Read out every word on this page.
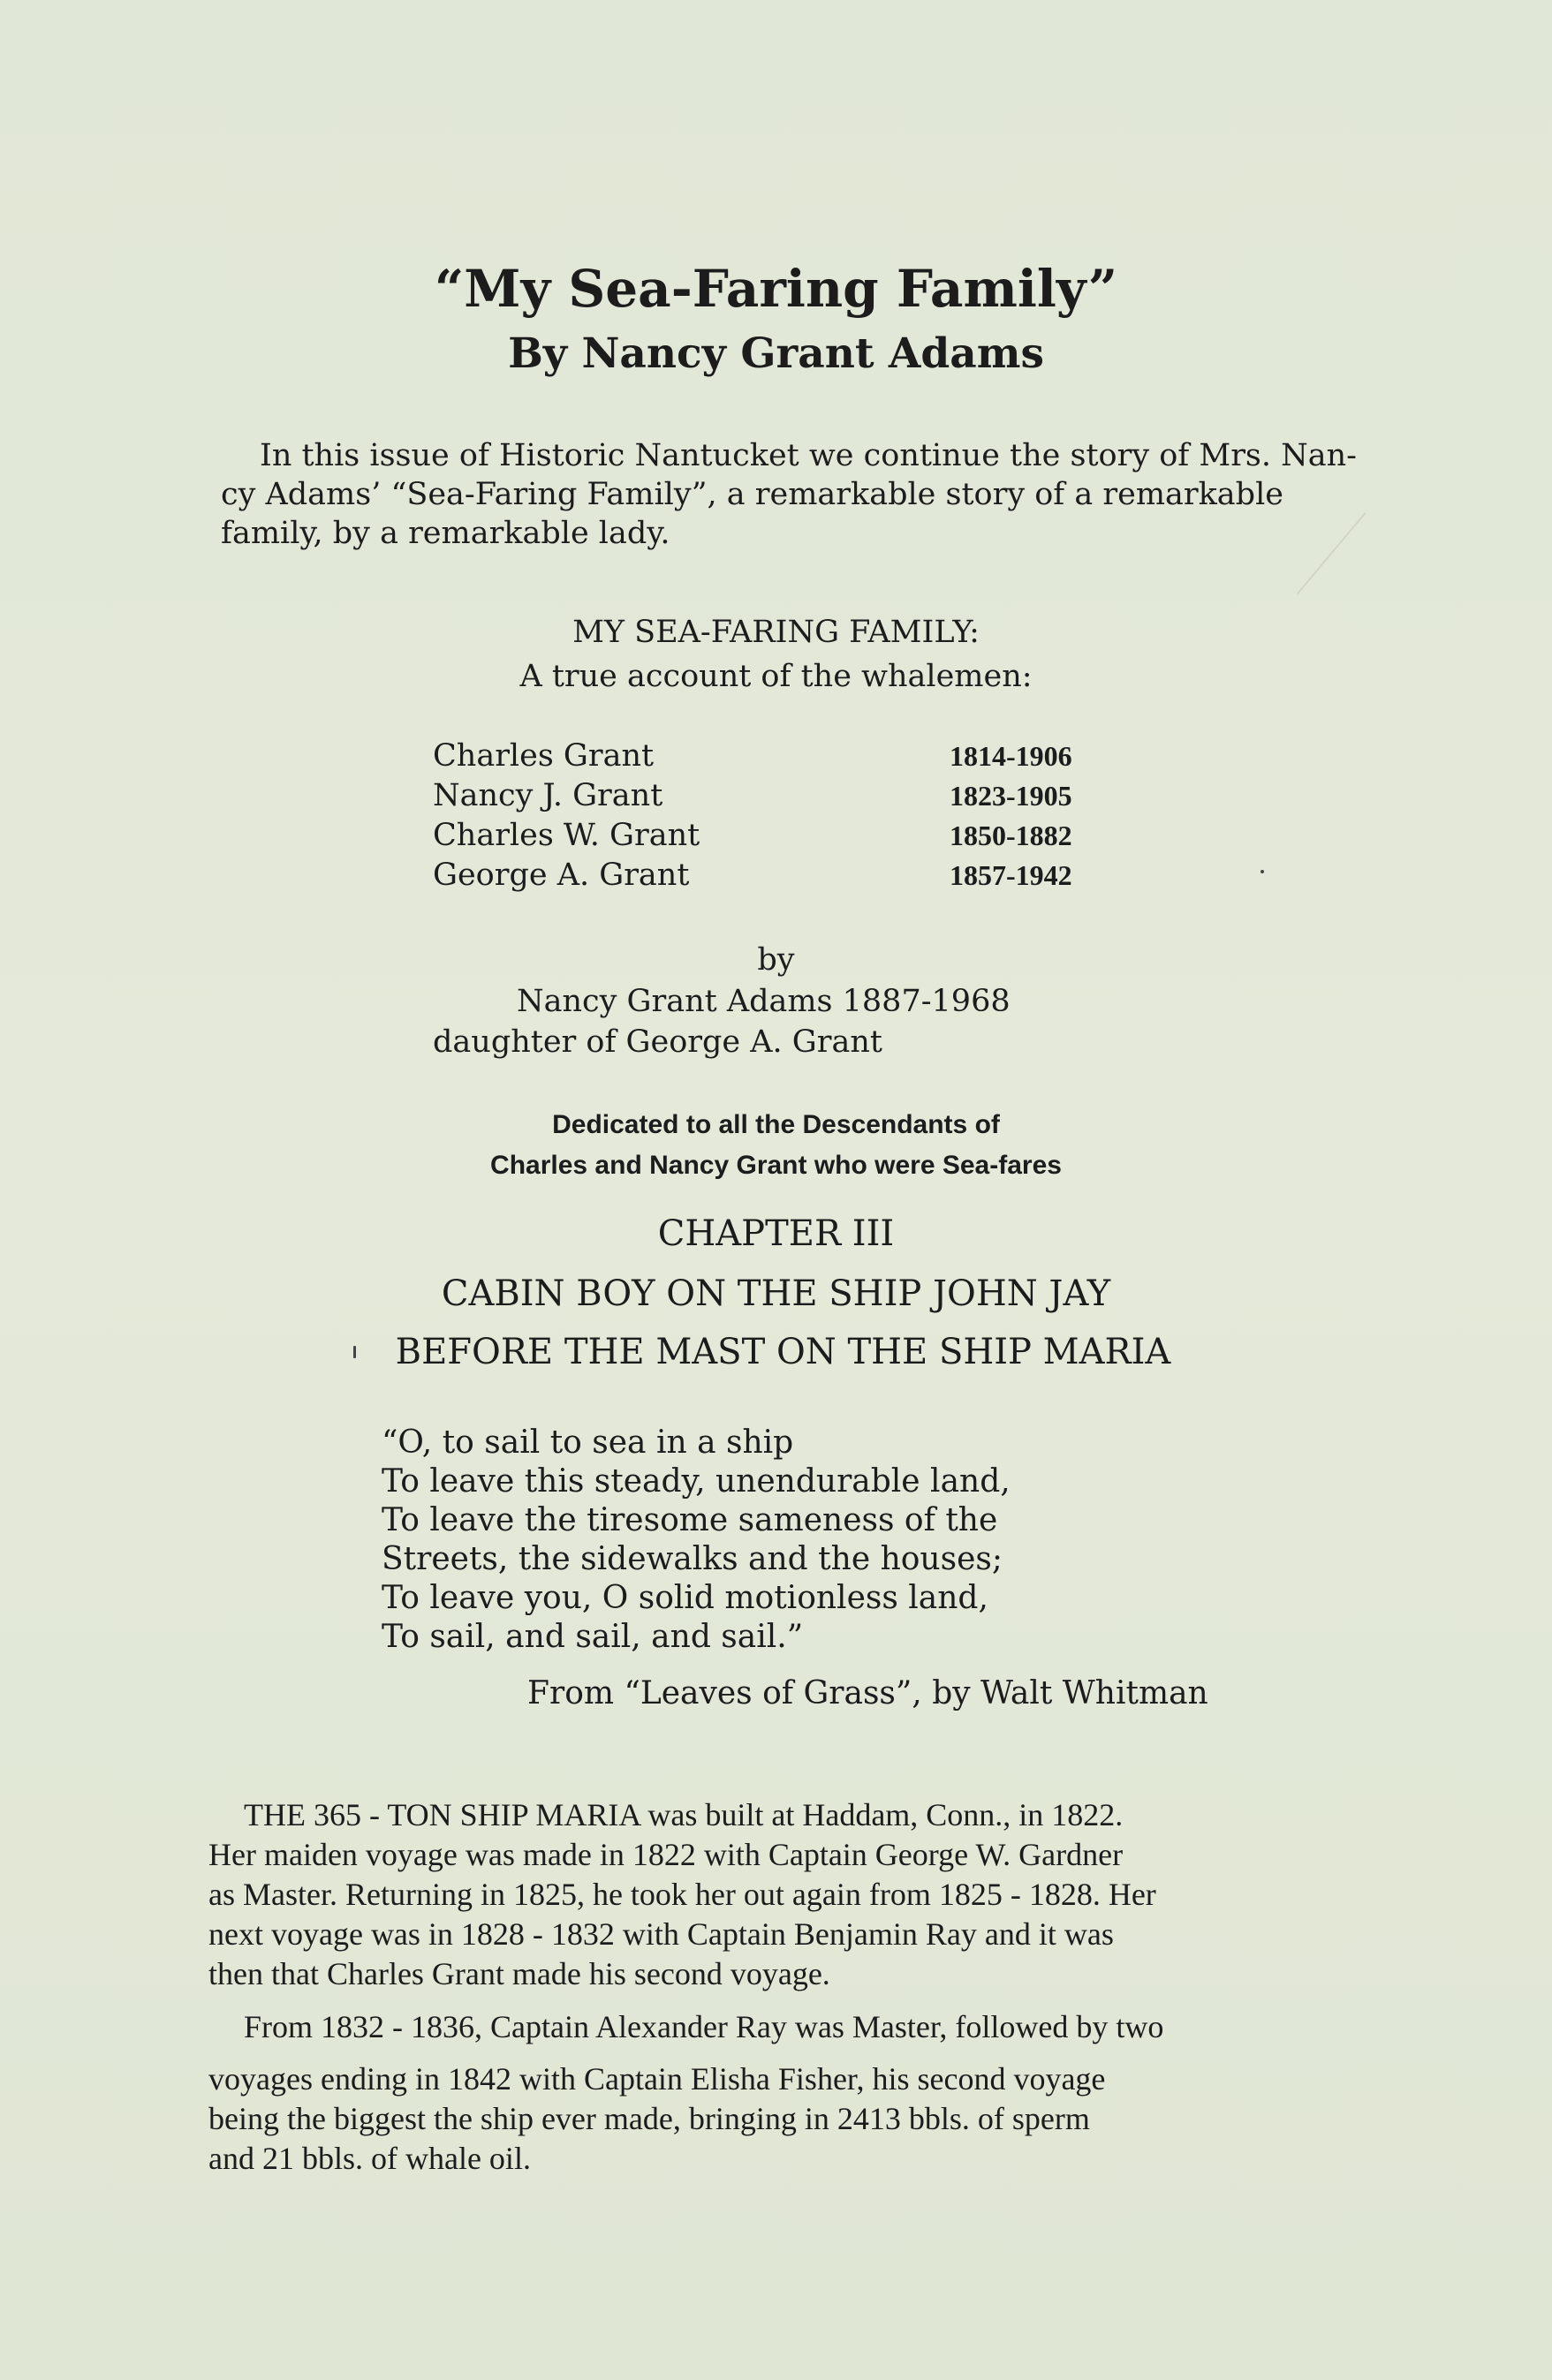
“My Sea-Faring Family”
By Nancy Grant Adams

In this issue of Historic Nantucket we continue the story of Mrs. Nan-
cy Adams’ “Sea-Faring Family”, a remarkable story of a remarkable
family, by a remarkable lady.

MY SEA-FARING FAMILY:

A true account of the whalemen:

Charles Grant	1814-1906
Nancy J. Grant	1823-1905
Charles W. Grant	1850-1882
George A. Grant	1857-1942

by

Nancy Grant Adams 1887-1968

daughter of George A. Grant

Dedicated to all the Descendants of

Charles and Nancy Grant who were Sea-fares

CHAPTER III

CABIN BOY ON THE SHIP JOHN JAY

BEFORE THE MAST ON THE SHIP MARIA

“O, to sail to sea in a ship
To leave this steady, unendurable land,
To leave the tiresome sameness of the
Streets, the sidewalks and the houses;
To leave you, O solid motionless land,
To sail, and sail, and sail.”

From “Leaves of Grass”, by Walt Whitman

THE 365 - TON SHIP MARIA was built at Haddam, Conn., in 1822.
Her maiden voyage was made in 1822 with Captain George W. Gardner
as Master. Returning in 1825, he took her out again from 1825 - 1828. Her
next voyage was in 1828 - 1832 with Captain Benjamin Ray and it was
then that Charles Grant made his second voyage.
From 1832 - 1836, Captain Alexander Ray was Master, followed by two
voyages ending in 1842 with Captain Elisha Fisher, his second voyage
being the biggest the ship ever made, bringing in 2413 bbls. of sperm
and 21 bbls. of whale oil.
